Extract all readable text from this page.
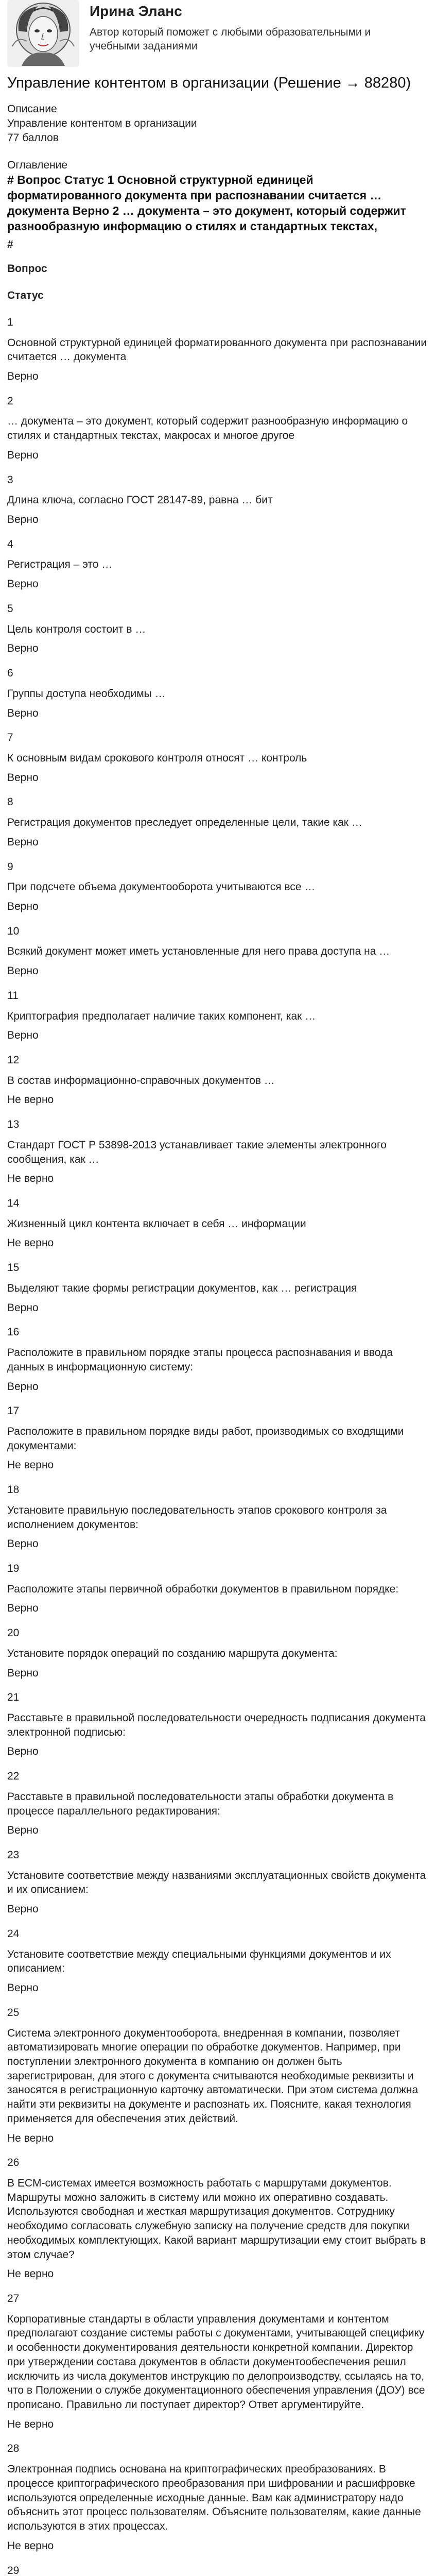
Ирина Эланс
Автор который поможет с любыми образовательными и учебными заданиями
Управление контентом в организации (Решение → 88280)

Описание

Управление контентом в организации

77 баллов

Оглавление

# Вопрос Статус 1 Основной структурной единицей форматированного документа при распознавании считается … документа Верно 2 … документа – это документ, который содержит разнообразную информацию о стилях и стандартных текстах,

#

Вопрос

Статус

1

Основной структурной единицей форматированного документа при распознавании считается … документа

Верно

2

… документа – это документ, который содержит разнообразную информацию о стилях и стандартных текстах, макросах и многое другое

Верно

3

Длина ключа, согласно ГОСТ 28147-89, равна … бит

Верно

4

Регистрация – это …

Верно

5

Цель контроля состоит в …

Верно

6

Группы доступа необходимы …

Верно

7

К основным видам срокового контроля относят … контроль

Верно

8

Регистрация документов преследует определенные цели, такие как …

Верно

9

При подсчете объема документооборота учитываются все …

Верно

10

Всякий документ может иметь установленные для него права доступа на …

Верно

11

Криптография предполагает наличие таких компонент, как …

Верно

12

В состав информационно-справочных документов …

Не верно

13

Стандарт ГОСТ Р 53898-2013 устанавливает такие элементы электронного сообщения, как …

Не верно

14

Жизненный цикл контента включает в себя … информации

Не верно

15

Выделяют такие формы регистрации документов, как … регистрация

Верно

16

Расположите в правильном порядке этапы процесса распознавания и ввода данных в информационную систему:

Верно

17

Расположите в правильном порядке виды работ, производимых со входящими документами:

Не верно

18

Установите правильную последовательность этапов срокового контроля за исполнением документов:

Верно

19

Расположите этапы первичной обработки документов в правильном порядке:

Верно

20

Установите порядок операций по созданию маршрута документа:

Верно

21

Расставьте в правильной последовательности очередность подписания документа электронной подписью:

Верно

22

Расставьте в правильной последовательности этапы обработки документа в процессе параллельного редактирования:

Верно

23

Установите соответствие между названиями эксплуатационных свойств документа и их описанием:

Верно

24

Установите соответствие между специальными функциями документов и их описанием:

Верно

25

Система электронного документооборота, внедренная в компании, позволяет автоматизировать многие операции по обработке документов. Например, при поступлении электронного документа в компанию он должен быть зарегистрирован, для этого с документа считываются необходимые реквизиты и заносятся в регистрационную карточку автоматически. При этом система должна найти эти реквизиты на документе и распознать их. Поясните, какая технология применяется для обеспечения этих действий.

Не верно

26

В ECM-системах имеется возможность работать с маршрутами документов. Маршруты можно заложить в систему или можно их оперативно создавать. Используются свободная и жесткая маршрутизация документов. Сотруднику необходимо согласовать служебную записку на получение средств для покупки необходимых комплектующих. Какой вариант маршрутизации ему стоит выбрать в этом случае?

Не верно

27

Корпоративные стандарты в области управления документами и контентом предполагают создание системы работы с документами, учитывающей специфику и особенности документирования деятельности конкретной компании. Директор при утверждении состава документов в области документообеспечения решил исключить из числа документов инструкцию по делопроизводству, ссылаясь на то, что в Положении о службе документационного обеспечения управления (ДОУ) все прописано. Правильно ли поступает директор? Ответ аргументируйте.

Не верно

28

Электронная подпись основана на криптографических преобразованиях. В процессе криптографического преобразования при шифровании и расшифровке используются определенные исходные данные. Вам как администратору надо объяснить этот процесс пользователям. Объясните пользователям, какие данные используются в этих процессах.

Не верно

29
